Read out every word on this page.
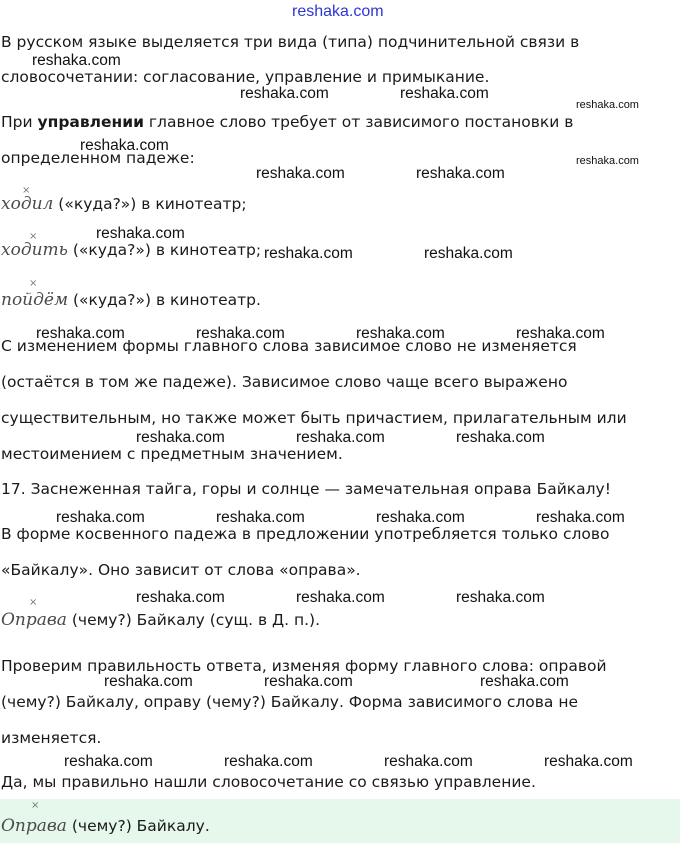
reshaka.com
В русском языке выделяется три вида (типа) подчинительной связи в
словосочетании: согласование, управление и примыкание.
При управлении главное слово требует от зависимого постановки в
определенном падеже:
×
ходил («куда?») в кинотеатр;
×
ходить («куда?») в кинотеатр;
×
пойдём («куда?») в кинотеатр.
С изменением формы главного слова зависимое слово не изменяется
(остаётся в том же падеже). Зависимое слово чаще всего выражено
существительным, но также может быть причастием, прилагательным или
местоимением с предметным значением.
17. Заснеженная тайга, горы и солнце — замечательная оправа Байкалу!
В форме косвенного падежа в предложении употребляется только слово
«Байкалу». Оно зависит от слова «оправа».
×
Оправа (чему?) Байкалу (сущ. в Д. п.).
Проверим правильность ответа, изменяя форму главного слова: оправой
(чему?) Байкалу, оправу (чему?) Байкалу. Форма зависимого слова не
изменяется.
Да, мы правильно нашли словосочетание со связью управление.
×
Оправа (чему?) Байкалу.
reshaka.com
reshaka.com	reshaka.com
reshaka.com
reshaka.com
reshaka.com
reshaka.com	reshaka.com
reshaka.com
reshaka.com	reshaka.com
reshaka.com	reshaka.com	reshaka.com	reshaka.com
reshaka.com	reshaka.com	reshaka.com
reshaka.com	reshaka.com	reshaka.com	reshaka.com
reshaka.com	reshaka.com	reshaka.com
reshaka.com	reshaka.com	reshaka.com
reshaka.com	reshaka.com	reshaka.com	reshaka.com
